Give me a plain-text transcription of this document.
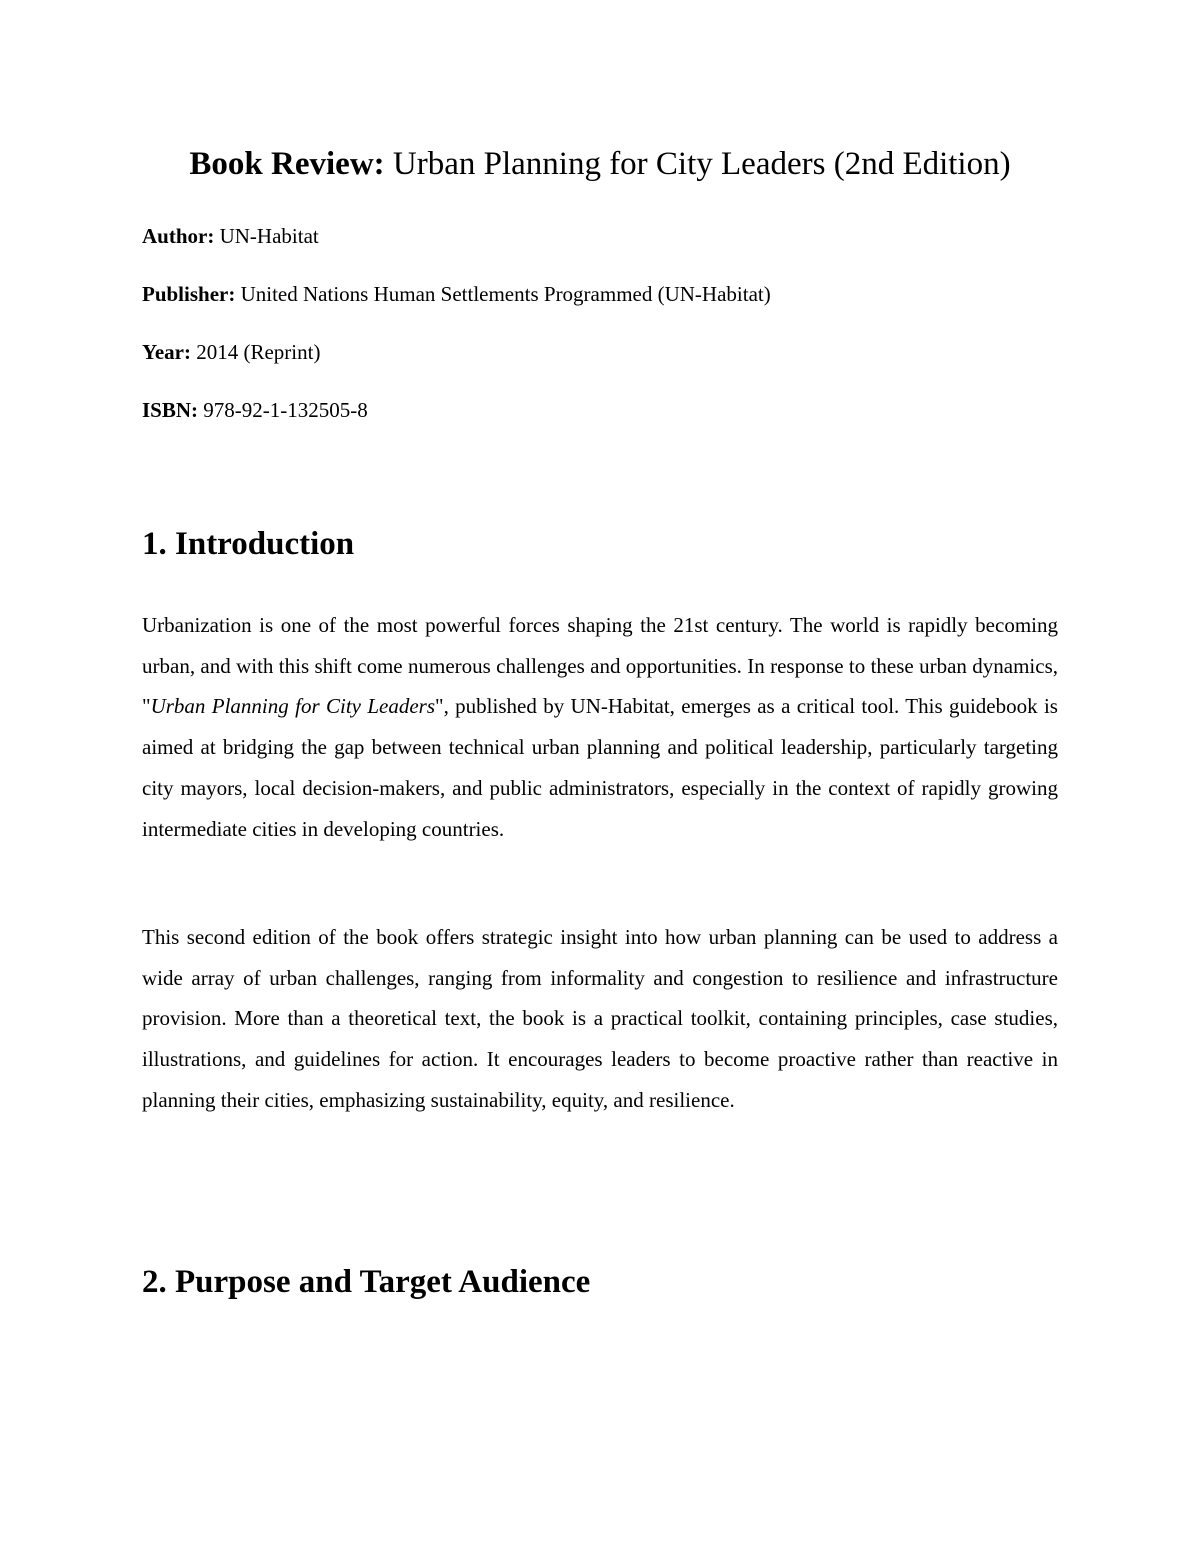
Book Review: Urban Planning for City Leaders (2nd Edition)
Author: UN-Habitat
Publisher: United Nations Human Settlements Programmed (UN-Habitat)
Year: 2014 (Reprint)
ISBN: 978-92-1-132505-8
1. Introduction

Urbanization is one of the most powerful forces shaping the 21st century. The world is rapidly becoming urban, and with this shift come numerous challenges and opportunities. In response to these urban dynamics, "Urban Planning for City Leaders", published by UN-Habitat, emerges as a critical tool. This guidebook is aimed at bridging the gap between technical urban planning and political leadership, particularly targeting city mayors, local decision-makers, and public administrators, especially in the context of rapidly growing intermediate cities in developing countries.

This second edition of the book offers strategic insight into how urban planning can be used to address a wide array of urban challenges, ranging from informality and congestion to resilience and infrastructure provision. More than a theoretical text, the book is a practical toolkit, containing principles, case studies, illustrations, and guidelines for action. It encourages leaders to become proactive rather than reactive in planning their cities, emphasizing sustainability, equity, and resilience.

2. Purpose and Target Audience
